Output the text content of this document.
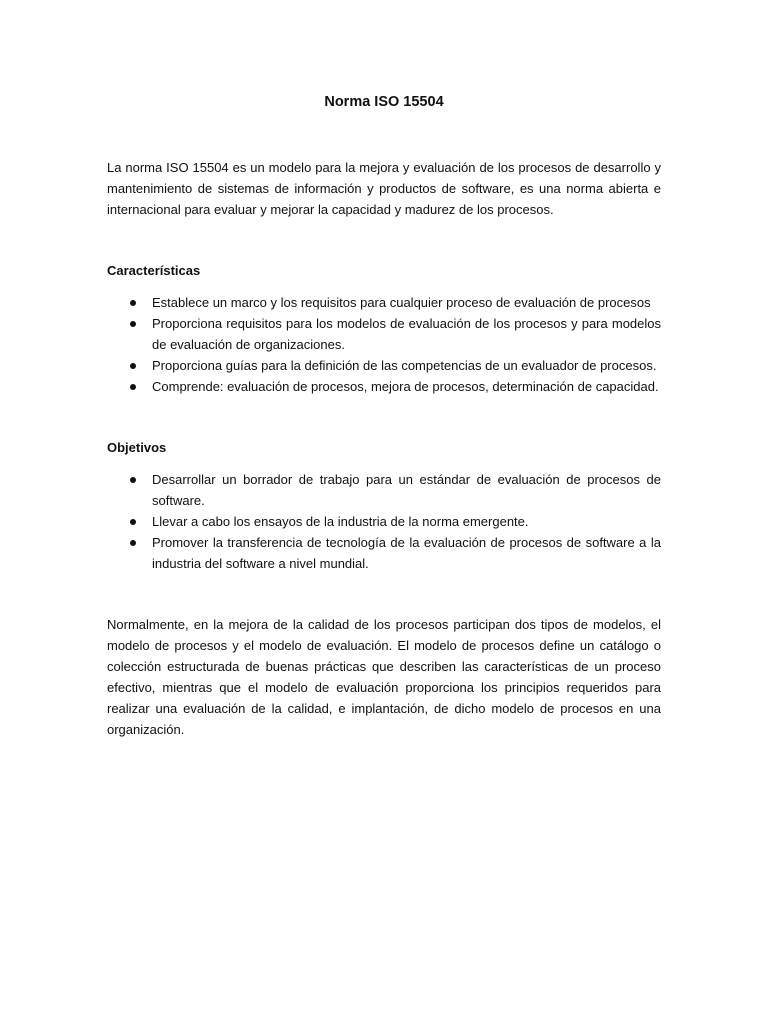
Norma ISO 15504

La norma ISO 15504 es un modelo para la mejora y evaluación de los procesos de desarrollo y mantenimiento de sistemas de información y productos de software, es una norma abierta e internacional para evaluar y mejorar la capacidad y madurez de los procesos.

Características
Establece un marco y los requisitos para cualquier proceso de evaluación de procesos
Proporciona requisitos para los modelos de evaluación de los procesos y para modelos de evaluación de organizaciones.
Proporciona guías para la definición de las competencias de un evaluador de procesos.
Comprende: evaluación de procesos, mejora de procesos, determinación de capacidad.
Objetivos
Desarrollar un borrador de trabajo para un estándar de evaluación de procesos de software.
Llevar a cabo los ensayos de la industria de la norma emergente.
Promover la transferencia de tecnología de la evaluación de procesos de software a la industria del software a nivel mundial.

Normalmente, en la mejora de la calidad de los procesos participan dos tipos de modelos, el modelo de procesos y el modelo de evaluación. El modelo de procesos define un catálogo o colección estructurada de buenas prácticas que describen las características de un proceso efectivo, mientras que el modelo de evaluación proporciona los principios requeridos para realizar una evaluación de la calidad, e implantación, de dicho modelo de procesos en una organización.
